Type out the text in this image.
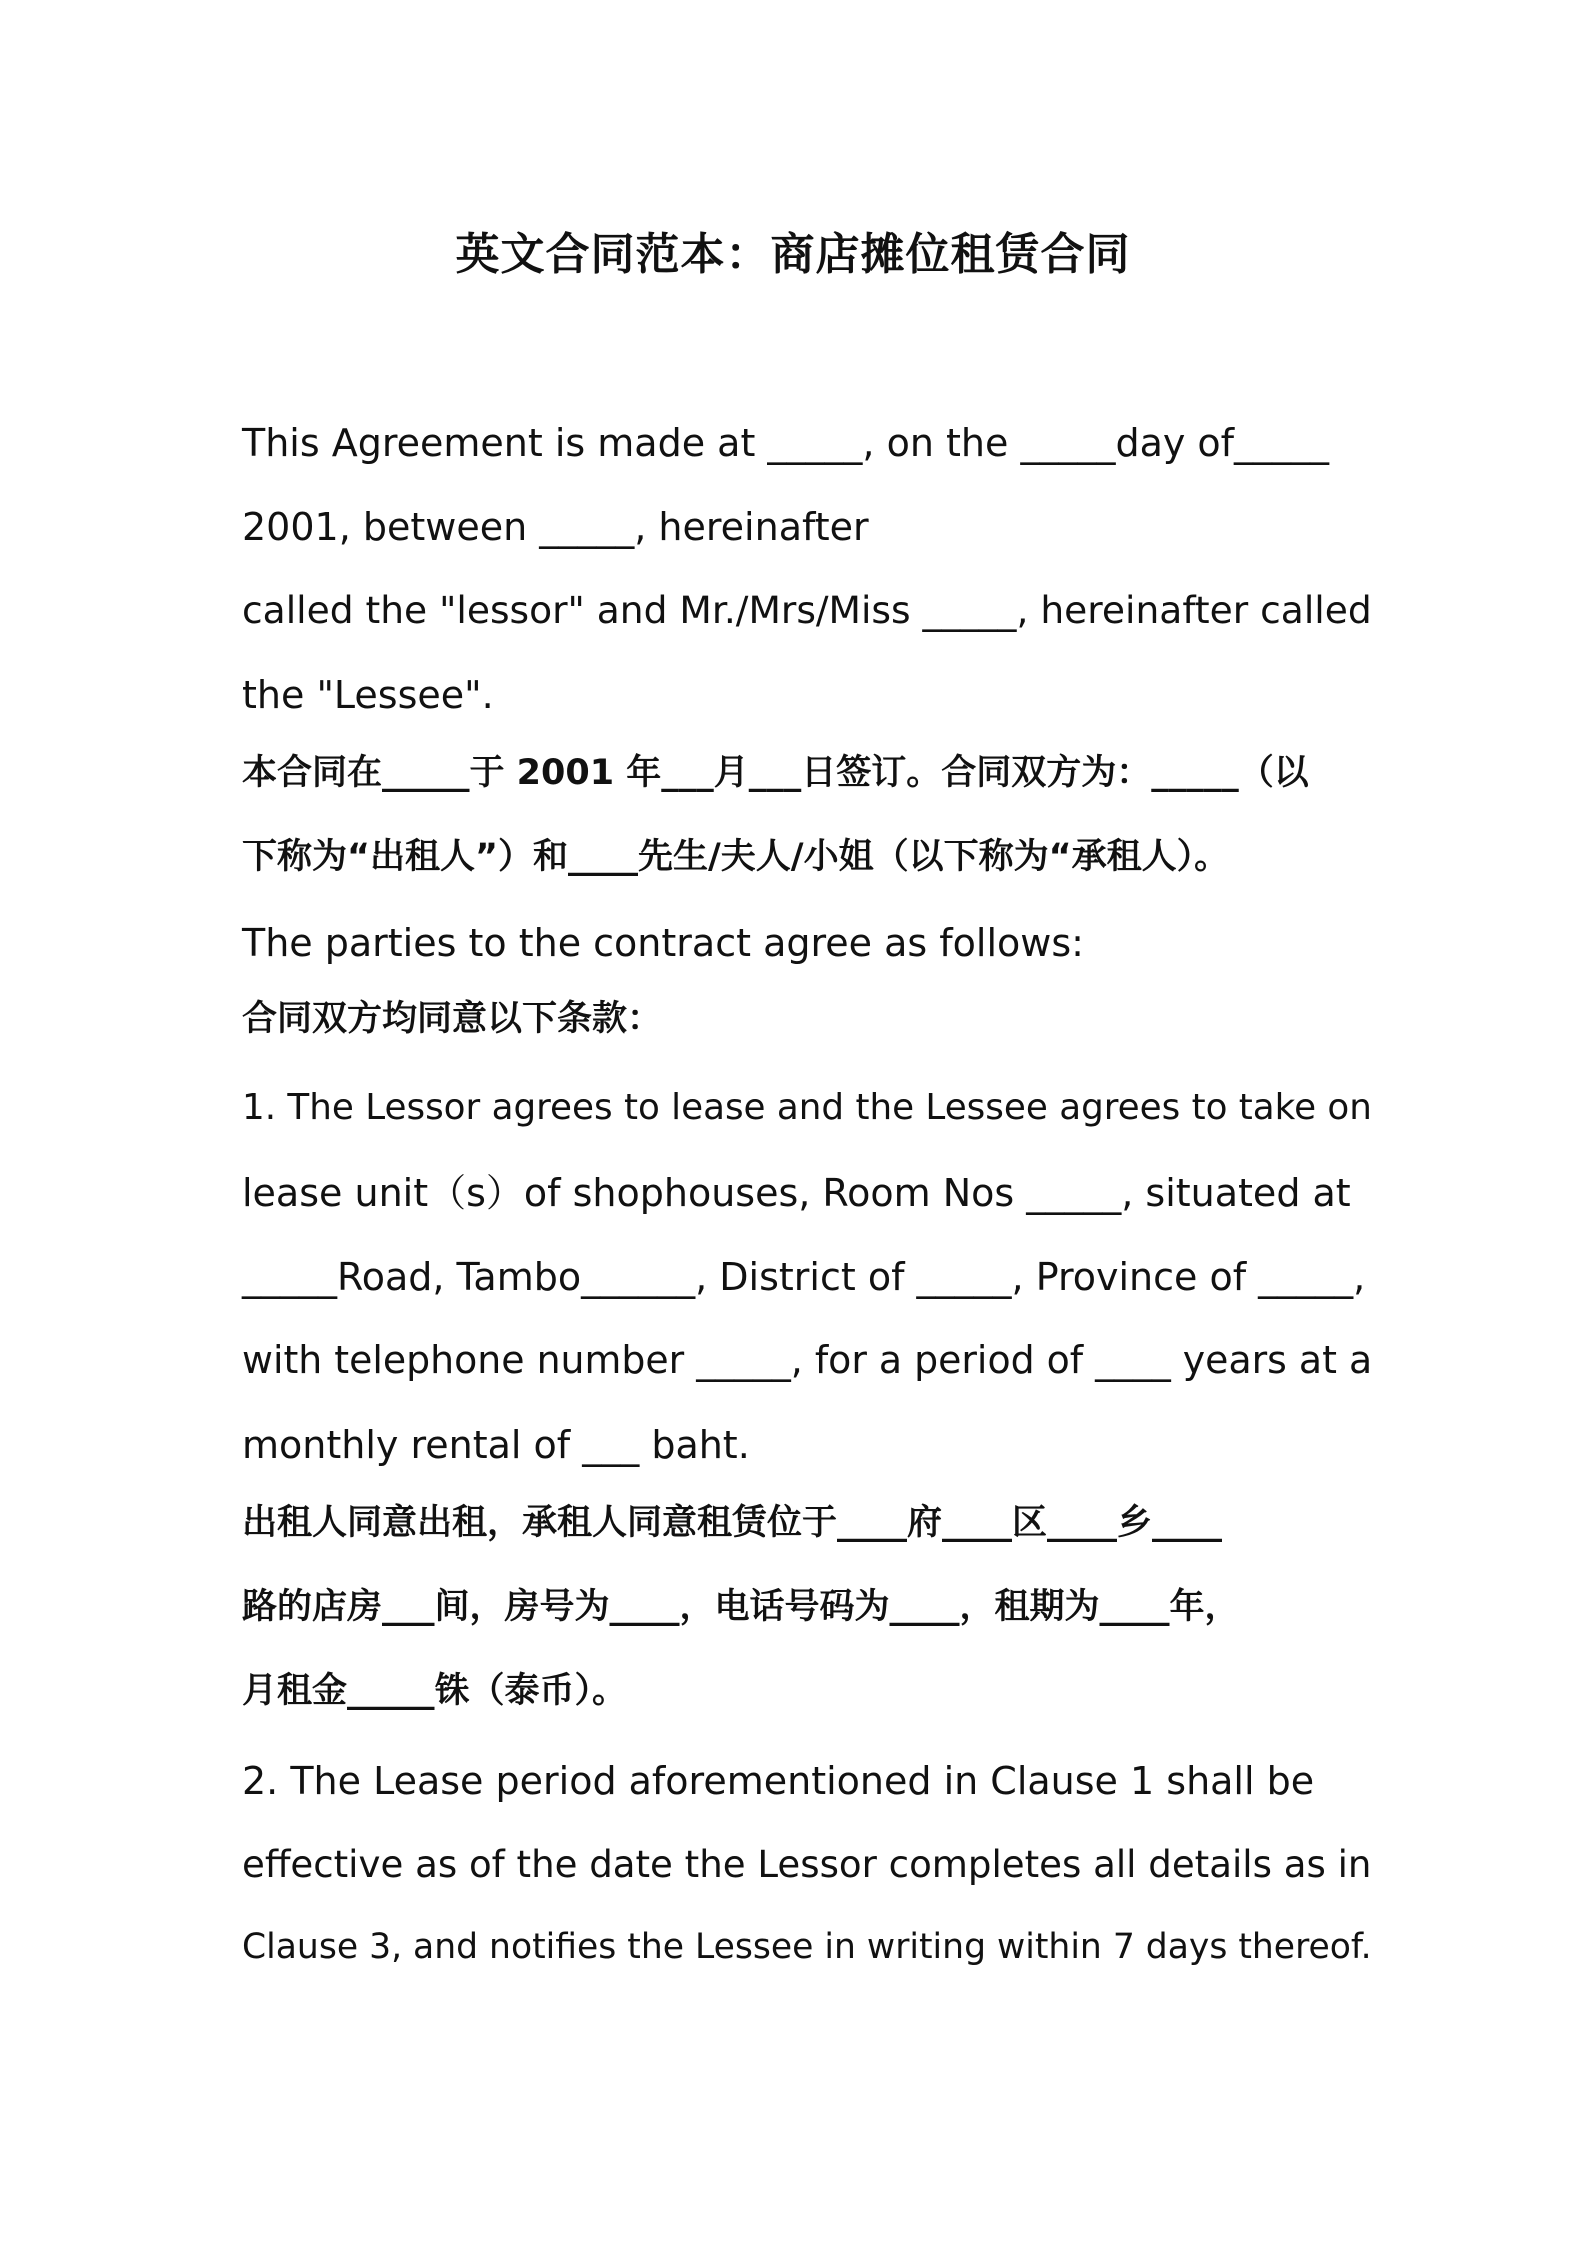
英文合同范本：商店摊位租赁合同
This Agreement is made at _____, on the _____day of_____
2001, between _____, hereinafter
called the "lessor" and Mr./Mrs/Miss _____, hereinafter called
the "Lessee".
本合同在_____于 2001 年___月___日签订。合同双方为：_____（以
下称为“出租人”）和____先生/夫人/小姐（以下称为“承租人）。
The parties to the contract agree as follows:
合同双方均同意以下条款：
1. The Lessor agrees to lease and the Lessee agrees to take on
lease unit（s）of shophouses, Room Nos _____, situated at
_____Road, Tambo______, District of _____, Province of _____,
with telephone number _____, for a period of ____ years at a
monthly rental of ___ baht.
出租人同意出租，承租人同意租赁位于____府____区____乡____
路的店房___间，房号为____，电话号码为____，租期为____年，
月租金_____铢（泰币）。
2. The Lease period aforementioned in Clause 1 shall be
effective as of the date the Lessor completes all details as in
Clause 3, and notifies the Lessee in writing within 7 days thereof.
